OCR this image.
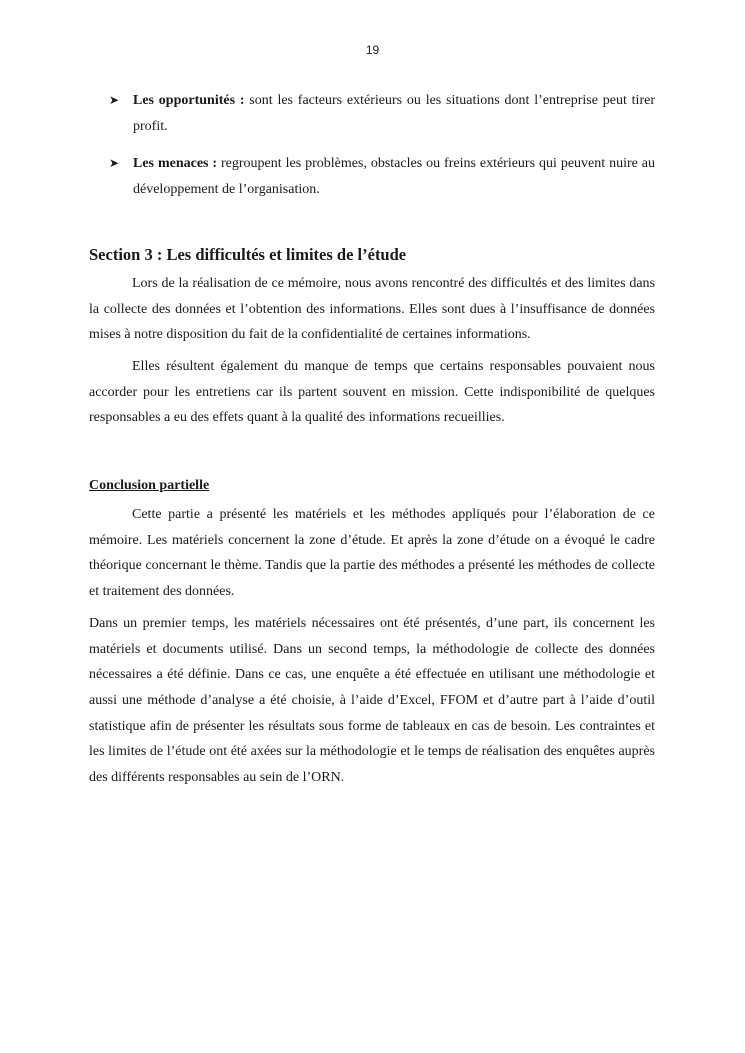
19
➤ Les opportunités : sont les facteurs extérieurs ou les situations dont l’entreprise peut tirer profit.
➤ Les menaces : regroupent les problèmes, obstacles ou freins extérieurs qui peuvent nuire au développement de l’organisation.
Section 3 : Les difficultés et limites de l’étude

Lors de la réalisation de ce mémoire, nous avons rencontré des difficultés et des limites dans la collecte des données et l’obtention des informations. Elles sont dues à l’insuffisance de données mises à notre disposition du fait de la confidentialité de certaines informations.

Elles résultent également du manque de temps que certains responsables pouvaient nous accorder pour les entretiens car ils partent souvent en mission. Cette indisponibilité de quelques responsables a eu des effets quant à la qualité des informations recueillies.

Conclusion partielle

Cette partie a présenté les matériels et les méthodes appliqués pour l’élaboration de ce mémoire. Les matériels concernent la zone d’étude. Et après la zone d’étude on a évoqué le cadre théorique concernant le thème. Tandis que la partie des méthodes a présenté les méthodes de collecte et traitement des données.

Dans un premier temps, les matériels nécessaires ont été présentés, d’une part, ils concernent les matériels et documents utilisé. Dans un second temps, la méthodologie de collecte des données nécessaires a été définie. Dans ce cas, une enquête a été effectuée en utilisant une méthodologie et aussi une méthode d’analyse a été choisie, à l’aide d’Excel, FFOM et d’autre part à l’aide d’outil statistique afin de présenter les résultats sous forme de tableaux en cas de besoin. Les contraintes et les limites de l’étude ont été axées sur la méthodologie et le temps de réalisation des enquêtes auprès des différents responsables au sein de l’ORN.
